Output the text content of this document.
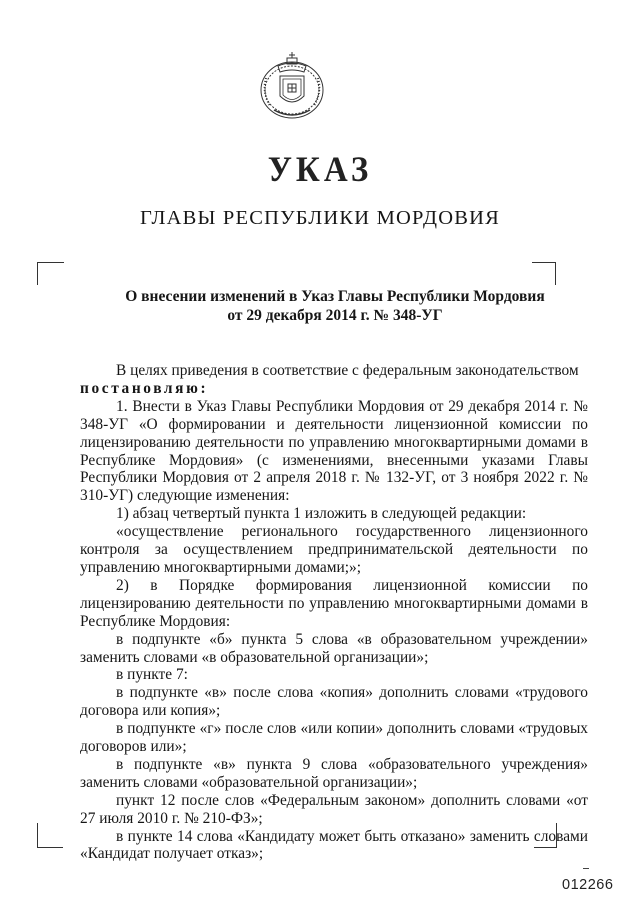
УКАЗ
ГЛАВЫ РЕСПУБЛИКИ МОРДОВИЯ
О внесении изменений в Указ Главы Республики Мордовия
от 29 декабря 2014 г. № 348-УГ

В целях приведения в соответствие с федеральным законодательством

постановляю:

1. Внести в Указ Главы Республики Мордовия от 29 декабря 2014 г. № 348-УГ «О формировании и деятельности лицензионной комиссии по лицензированию деятельности по управлению многоквартирными домами в Республике Мордовия» (с изменениями, внесенными указами Главы Республики Мордовия от 2 апреля 2018 г. № 132-УГ, от 3 ноября 2022 г. № 310-УГ) следующие изменения:

1) абзац четвертый пункта 1 изложить в следующей редакции:

«осуществление регионального государственного лицензионного контроля за осуществлением предпринимательской деятельности по управлению многоквартирными домами;»;

2) в Порядке формирования лицензионной комиссии по лицензированию деятельности по управлению многоквартирными домами в Республике Мордовия:

в подпункте «б» пункта 5 слова «в образовательном учреждении» заменить словами «в образовательной организации»;

в пункте 7:

в подпункте «в» после слова «копия» дополнить словами «трудового договора или копия»;

в подпункте «г» после слов «или копии» дополнить словами «трудовых договоров или»;

в подпункте «в» пункта 9 слова «образовательного учреждения» заменить словами «образовательной организации»;

пункт 12 после слов «Федеральным законом» дополнить словами «от 27 июля 2010 г. № 210-ФЗ»;

в пункте 14 слова «Кандидату может быть отказано» заменить словами «Кандидат получает отказ»;

012266
